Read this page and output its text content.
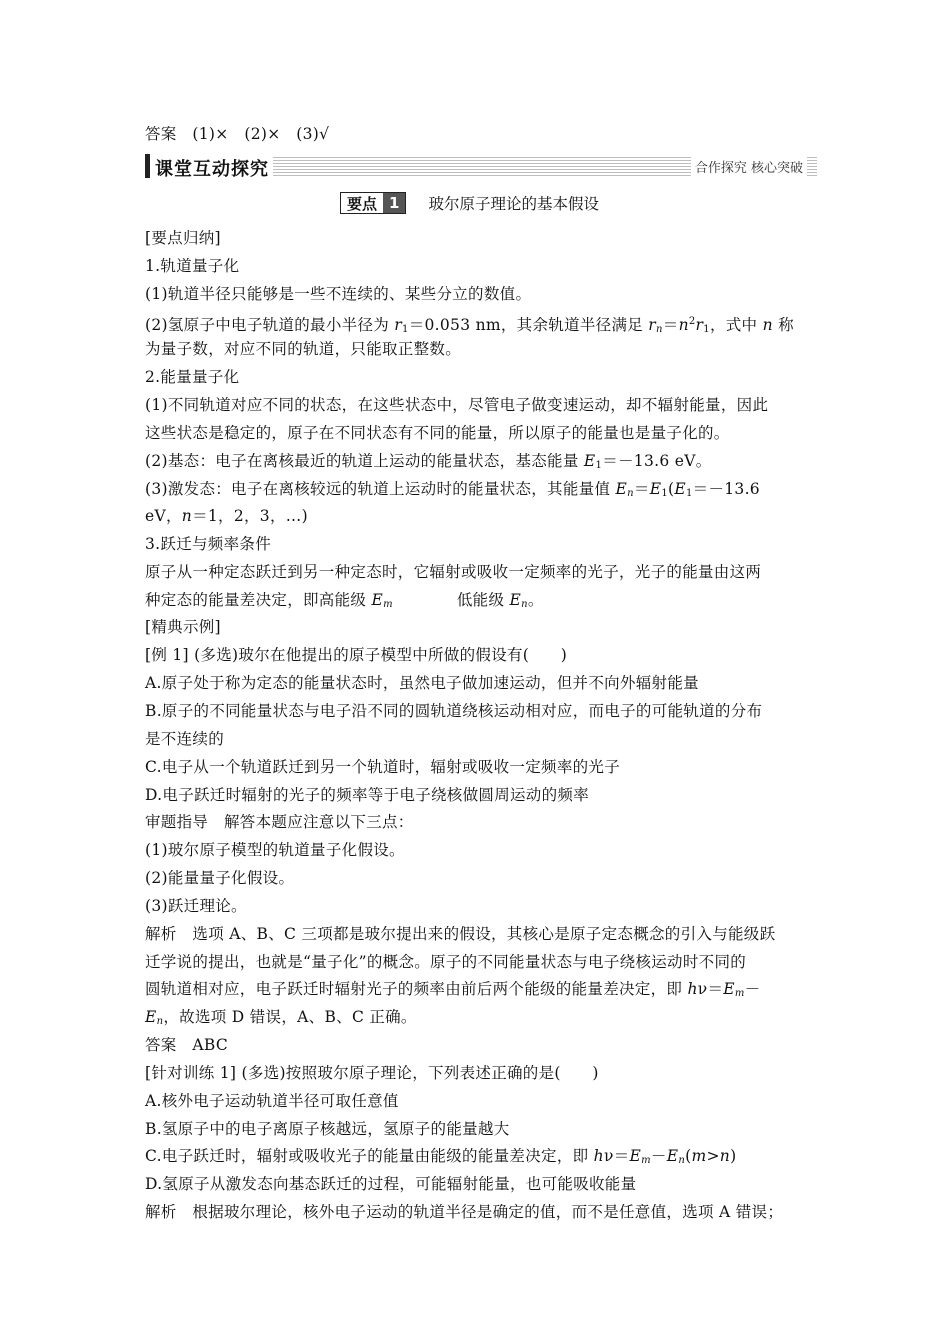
答案　(1)×　(2)×　(3)√
课堂互动探究	合作探究 核心突破
要点 1	玻尔原子理论的基本假设
[要点归纳]
1.轨道量子化
(1)轨道半径只能够是一些不连续的、某些分立的数值。
(2)氢原子中电子轨道的最小半径为 $r_1=0.053$ nm，其余轨道半径满足 $r_n=n^2r_1$，式中 n 称
为量子数，对应不同的轨道，只能取正整数。
2.能量量子化
(1)不同轨道对应不同的状态，在这些状态中，尽管电子做变速运动，却不辐射能量，因此
这些状态是稳定的，原子在不同状态有不同的能量，所以原子的能量也是量子化的。
(2)基态：电子在离核最近的轨道上运动的能量状态，基态能量 $E_1=-13.6$ eV。
(3)激发态：电子在离核较远的轨道上运动时的能量状态，其能量值 $E_n=E_1(E_1=-13.6$
eV，n＝1，2，3，…)
3.跃迁与频率条件
原子从一种定态跃迁到另一种定态时，它辐射或吸收一定频率的光子，光子的能量由这两
种定态的能量差决定，即高能级 $E_m$	低能级 $E_n$。
[精典示例]
[例 1] (多选)玻尔在他提出的原子模型中所做的假设有(　　)
A.原子处于称为定态的能量状态时，虽然电子做加速运动，但并不向外辐射能量
B.原子的不同能量状态与电子沿不同的圆轨道绕核运动相对应，而电子的可能轨道的分布
是不连续的
C.电子从一个轨道跃迁到另一个轨道时，辐射或吸收一定频率的光子
D.电子跃迁时辐射的光子的频率等于电子绕核做圆周运动的频率
审题指导　解答本题应注意以下三点：
(1)玻尔原子模型的轨道量子化假设。
(2)能量量子化假设。
(3)跃迁理论。
解析　选项 A、B、C 三项都是玻尔提出来的假设，其核心是原子定态概念的引入与能级跃
迁学说的提出，也就是“量子化”的概念。原子的不同能量状态与电子绕核运动时不同的
圆轨道相对应，电子跃迁时辐射光子的频率由前后两个能级的能量差决定，即 $h\nu=E_m-$
$E_n$，故选项 D 错误，A、B、C 正确。
答案　ABC
[针对训练 1] (多选)按照玻尔原子理论，下列表述正确的是(　　)
A.核外电子运动轨道半径可取任意值
B.氢原子中的电子离原子核越远，氢原子的能量越大
C.电子跃迁时，辐射或吸收光子的能量由能级的能量差决定，即 $h\nu=E_m-E_n(m>n)$
D.氢原子从激发态向基态跃迁的过程，可能辐射能量，也可能吸收能量
解析　根据玻尔理论，核外电子运动的轨道半径是确定的值，而不是任意值，选项 A 错误；
